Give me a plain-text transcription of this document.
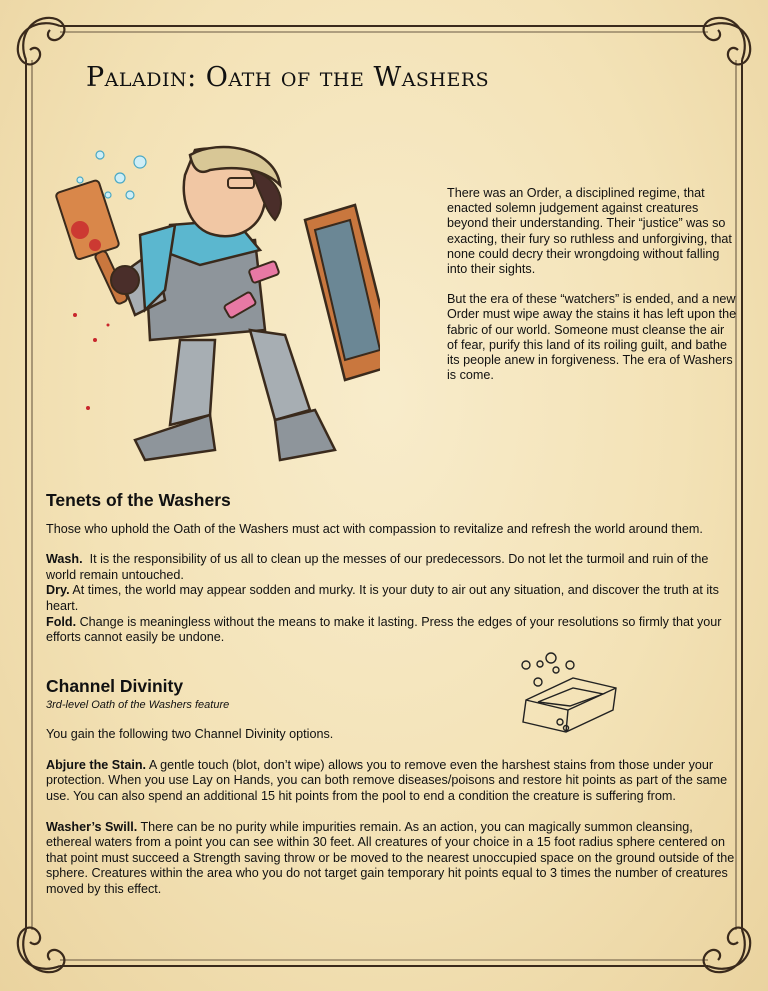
Paladin: Oath of the Washers

There was an Order, a disciplined regime, that enacted solemn judgement against creatures beyond their understanding. Their “justice” was so exacting, their fury so ruthless and unforgiving, that none could decry their wrongdoing without falling into their sights.

But the era of these “watchers” is ended, and a new Order must wipe away the stains it has left upon the fabric of our world. Someone must cleanse the air of fear, purify this land of its roiling guilt, and bathe its people anew in forgiveness. The era of Washers is come.

Tenets of the Washers

Those who uphold the Oath of the Washers must act with compassion to revitalize and refresh the world around them.

Wash.  It is the responsibility of us all to clean up the messes of our predecessors. Do not let the turmoil and ruin of the world remain untouched.

Dry. At times, the world may appear sodden and murky. It is your duty to air out any situation, and discover the truth at its heart.

Fold. Change is meaningless without the means to make it lasting. Press the edges of your resolutions so firmly that your efforts cannot easily be undone.

Channel Divinity
3rd-level Oath of the Washers feature

You gain the following two Channel Divinity options.

Abjure the Stain. A gentle touch (blot, don’t wipe) allows you to remove even the harshest stains from those under your protection. When you use Lay on Hands, you can both remove diseases/poisons and restore hit points as part of the same use. You can also spend an additional 15 hit points from the pool to end a condition the creature is suffering from.

Washer’s Swill. There can be no purity while impurities remain. As an action, you can magically summon cleansing, ethereal waters from a point you can see within 30 feet. All creatures of your choice in a 15 foot radius sphere centered on that point must succeed a Strength saving throw or be moved to the nearest unoccupied space on the ground outside of the sphere. Creatures within the area who you do not target gain temporary hit points equal to 3 times the number of creatures moved by this effect.
